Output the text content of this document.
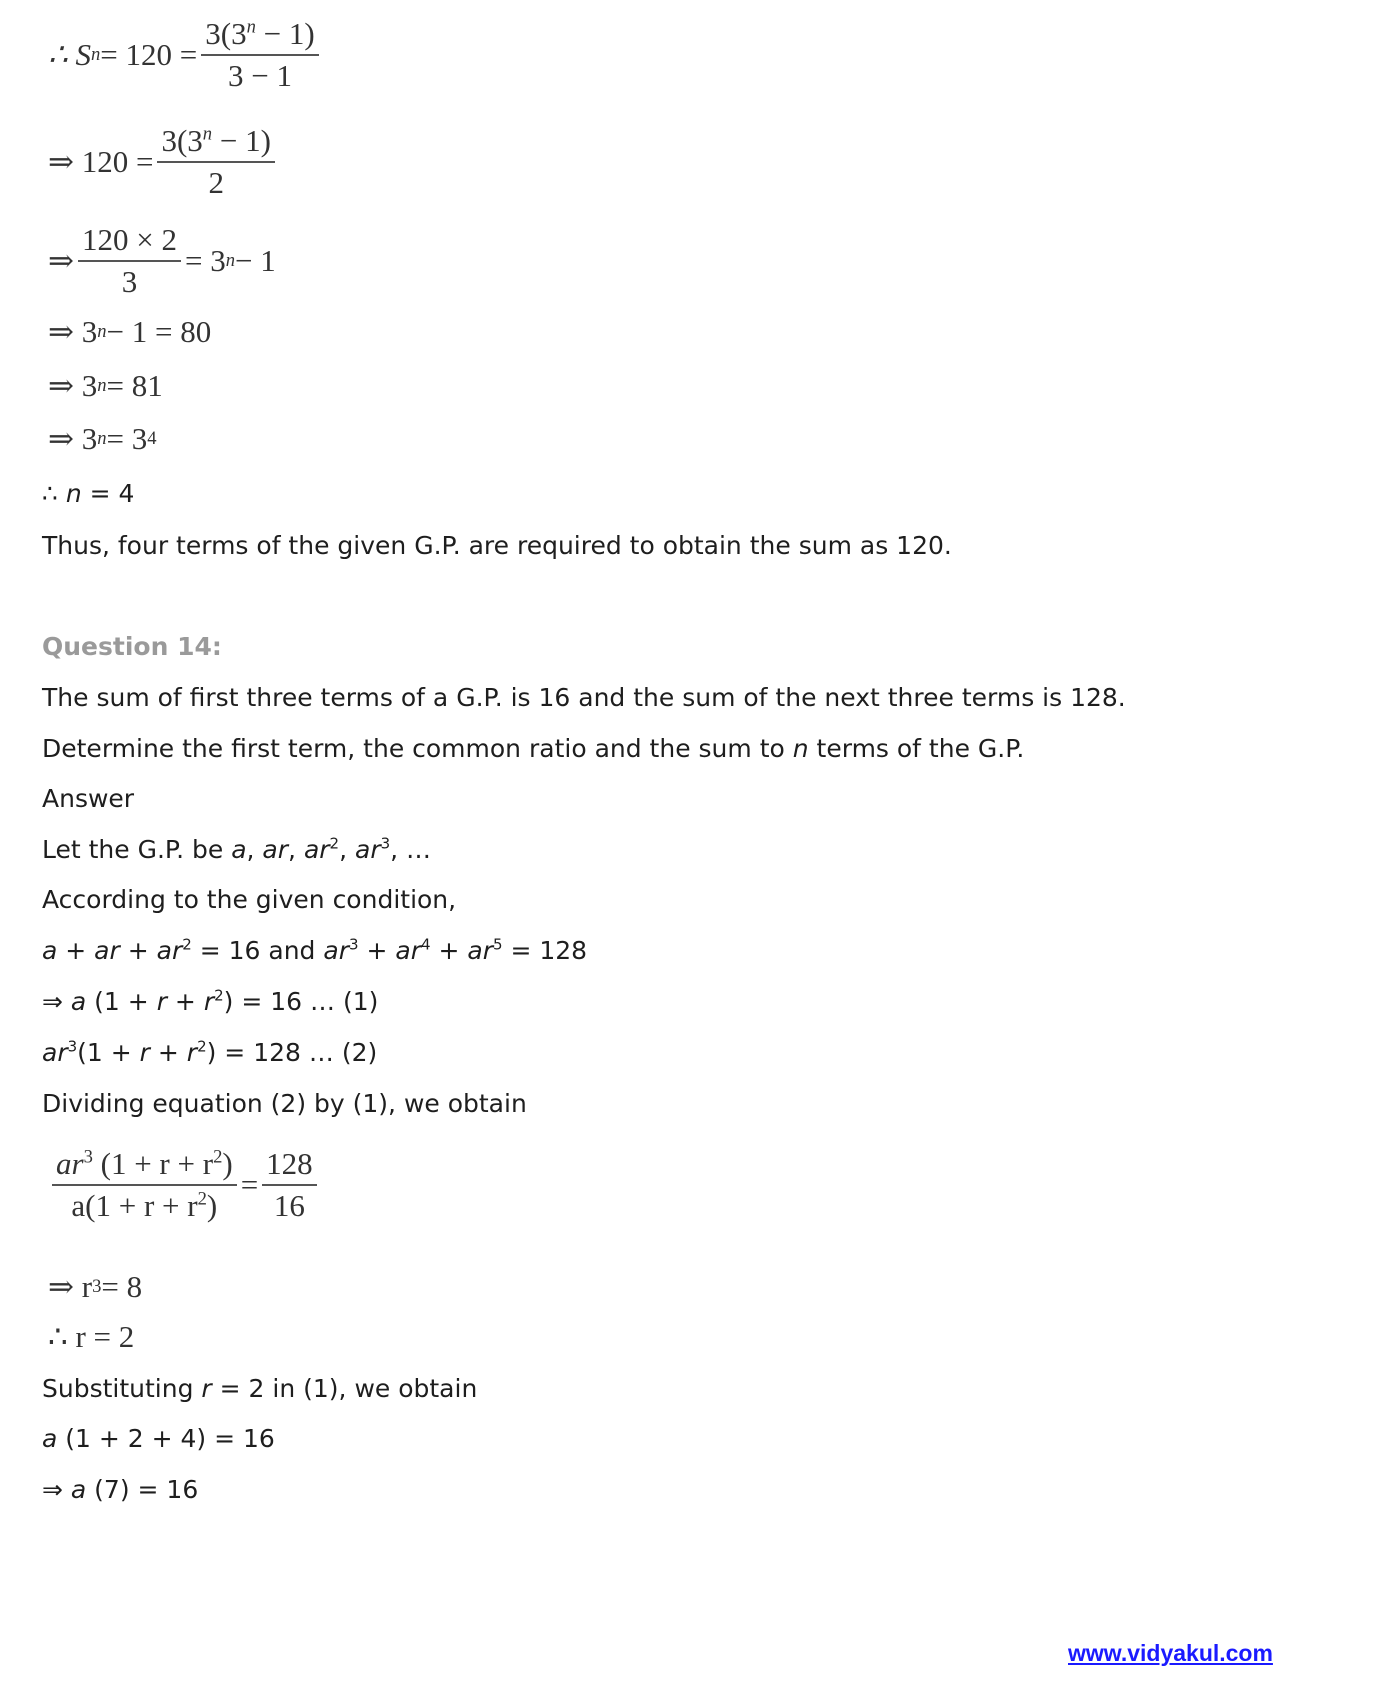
∴ S $n = 120 = \frac{3(3^n - 1)}{3 - 1}$
⇒ $120 = \frac{3(3^n - 1)}{2}$
⇒ $\frac{120 \times 2}{3} = 3$ n − 1
⇒ 3 n − 1 = 80
⇒ 3 n = 81
⇒ 3 n = 3 4
∴ n = 4
Thus, four terms of the given G.P. are required to obtain the sum as 120.
Question 14:
The sum of first three terms of a G.P. is 16 and the sum of the next three terms is 128.
Determine the first term, the common ratio and the sum to n terms of the G.P.
Answer
Let the G.P. be a, ar, $ar^2$, $ar^3$, …
According to the given condition,
a + ar + $ar^2 = 16$ and $ar^3 + ar^4 + ar^5 = 128$
⇒ a $(1 + r + r^2) = 16$ … (1)
$ar^3(1 + r + r^2) = 128$ … (2)
Dividing equation (2) by (1), we obtain
$\frac{ar^3 (1 + r + r^2)}{a(1 + r + r^2)} = \frac{128}{16}$
⇒ r 3 = 8
∴ r = 2
Substituting r = 2 in (1), we obtain
a (1 + 2 + 4) = 16
⇒ a (7) = 16
www.vidyakul.com
